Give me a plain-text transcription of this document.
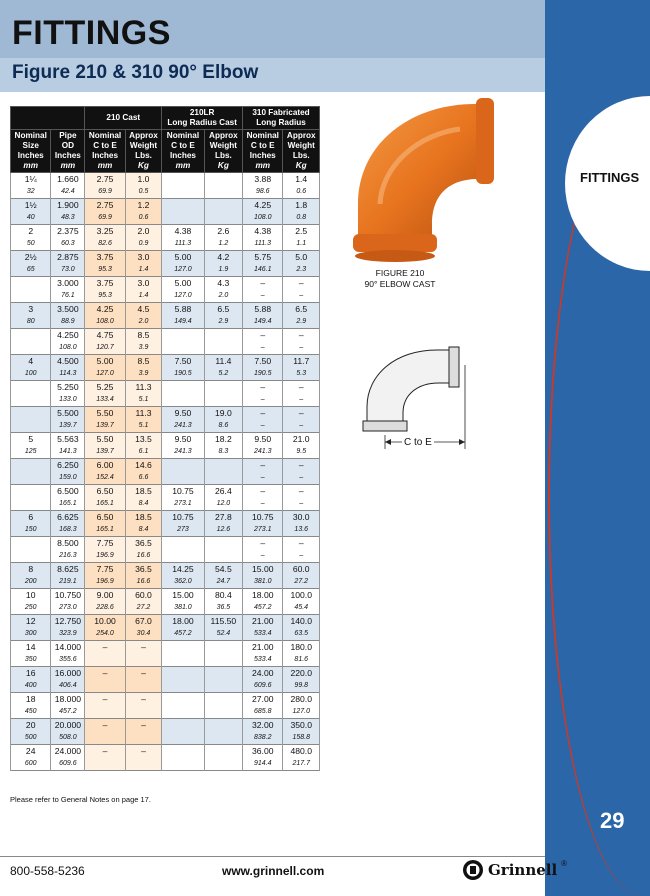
FITTINGS
Figure 210 & 310 90° Elbow
FITTINGS
29
		210 Cast		210LR
Long Radius Cast		310 Fabricated
Long Radius	
Nominal
Size
Inches
mm	Pipe
OD
Inches
mm	Nominal
C to E
Inches
mm	Approx
Weight
Lbs.
Kg	Nominal
C to E
Inches
mm	Approx
Weight
Lbs.
Kg	Nominal
C to E
Inches
mm	Approx
Weight
Lbs.
Kg
1¼	1.660	2.75	1.0			3.88	1.4
32	42.4	69.9	0.5			98.6	0.6
1½	1.900	2.75	1.2			4.25	1.8
40	48.3	69.9	0.6			108.0	0.8
2	2.375	3.25	2.0	4.38	2.6	4.38	2.5
50	60.3	82.6	0.9	111.3	1.2	111.3	1.1
2½	2.875	3.75	3.0	5.00	4.2	5.75	5.0
65	73.0	95.3	1.4	127.0	1.9	146.1	2.3
	3.000	3.75	3.0	5.00	4.3	–	–
	76.1	95.3	1.4	127.0	2.0	–	–
3	3.500	4.25	4.5	5.88	6.5	5.88	6.5
80	88.9	108.0	2.0	149.4	2.9	149.4	2.9
	4.250	4.75	8.5			–	–
	108.0	120.7	3.9			–	–
4	4.500	5.00	8.5	7.50	11.4	7.50	11.7
100	114.3	127.0	3.9	190.5	5.2	190.5	5.3
	5.250	5.25	11.3			–	–
	133.0	133.4	5.1			–	–
	5.500	5.50	11.3	9.50	19.0	–	–
	139.7	139.7	5.1	241.3	8.6	–	–
5	5.563	5.50	13.5	9.50	18.2	9.50	21.0
125	141.3	139.7	6.1	241.3	8.3	241.3	9.5
	6.250	6.00	14.6			–	–
	159.0	152.4	6.6			–	–
	6.500	6.50	18.5	10.75	26.4	–	–
	165.1	165.1	8.4	273.1	12.0	–	–
6	6.625	6.50	18.5	10.75	27.8	10.75	30.0
150	168.3	165.1	8.4	273	12.6	273.1	13.6
	8.500	7.75	36.5			–	–
	216.3	196.9	16.6			–	–
8	8.625	7.75	36.5	14.25	54.5	15.00	60.0
200	219.1	196.9	16.6	362.0	24.7	381.0	27.2
10	10.750	9.00	60.0	15.00	80.4	18.00	100.0
250	273.0	228.6	27.2	381.0	36.5	457.2	45.4
12	12.750	10.00	67.0	18.00	115.50	21.00	140.0
300	323.9	254.0	30.4	457.2	52.4	533.4	63.5
14	14.000	–	–			21.00	180.0
350	355.6					533.4	81.6
16	16.000	–	–			24.00	220.0
400	406.4					609.6	99.8
18	18.000	–	–			27.00	280.0
450	457.2					685.8	127.0
20	20.000	–	–			32.00	350.0
500	508.0					838.2	158.8
24	24.000	–	–			36.00	480.0
600	609.6					914.4	217.7
Please refer to General Notes on page 17.
FIGURE 210
90° ELBOW CAST
C to E
800-558-5236	www.grinnell.com	Grinnell ®
